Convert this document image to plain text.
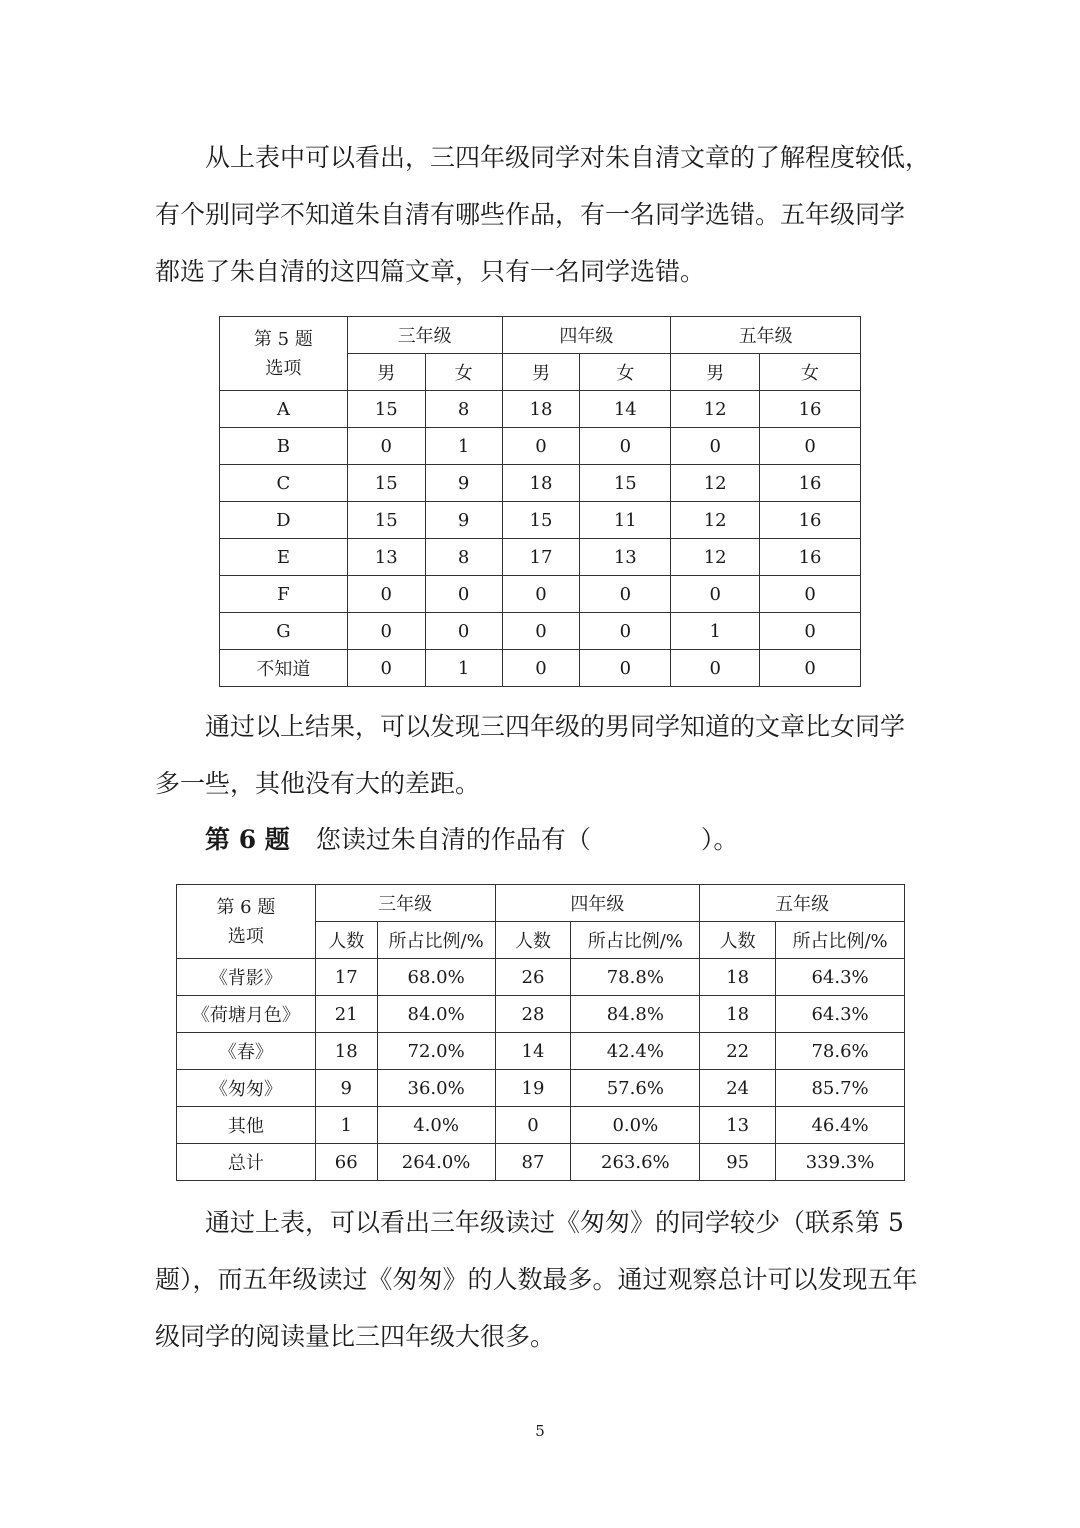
从上表中可以看出，三四年级同学对朱自清文章的了解程度较低，
有个别同学不知道朱自清有哪些作品，有一名同学选错。五年级同学
都选了朱自清的这四篇文章，只有一名同学选错。
第 5 题
选项	三年级		四年级		五年级	
	男	女	男	女	男	女
A	15	8	18	14	12	16
B	0	1	0	0	0	0
C	15	9	18	15	12	16
D	15	9	15	11	12	16
E	13	8	17	13	12	16
F	0	0	0	0	0	0
G	0	0	0	0	1	0
不知道	0	1	0	0	0	0
通过以上结果，可以发现三四年级的男同学知道的文章比女同学
多一些，其他没有大的差距。
第 6 题 您读过朱自清的作品有（	）。
第 6 题
选项	三年级		四年级		五年级	
	人数	所占比例/%	人数	所占比例/%	人数	所占比例/%
《背影》	17	68.0%	26	78.8%	18	64.3%
《荷塘月色》	21	84.0%	28	84.8%	18	64.3%
《春》	18	72.0%	14	42.4%	22	78.6%
《匆匆》	9	36.0%	19	57.6%	24	85.7%
其他	1	4.0%	0	0.0%	13	46.4%
总计	66	264.0%	87	263.6%	95	339.3%
通过上表，可以看出三年级读过《匆匆》的同学较少（联系第 5
题），而五年级读过《匆匆》的人数最多。通过观察总计可以发现五年
级同学的阅读量比三四年级大很多。
5
